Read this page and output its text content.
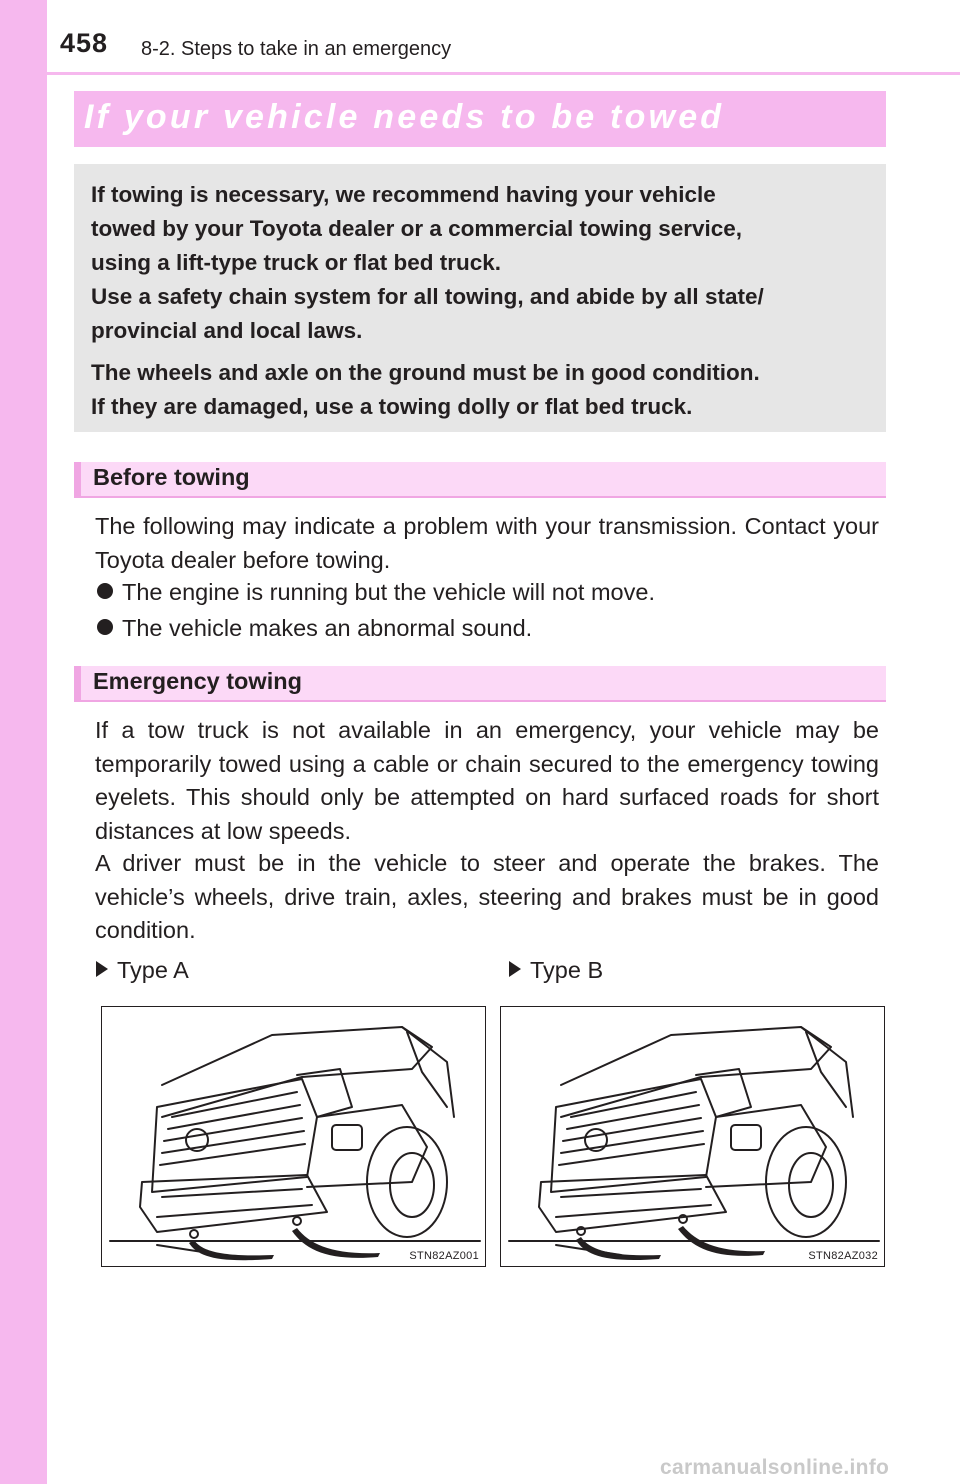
458 8-2. Steps to take in an emergency
If your vehicle needs to be towed

If towing is necessary, we recommend having your vehicle

towed by your Toyota dealer or a commercial towing service,

using a lift-type truck or flat bed truck.

Use a safety chain system for all towing, and abide by all state/

provincial and local laws.

The wheels and axle on the ground must be in good condition.

If they are damaged, use a towing dolly or flat bed truck.

Before towing

The following may indicate a problem with your transmission. Contact your Toyota dealer before towing.

The engine is running but the vehicle will not move.
The vehicle makes an abnormal sound.
Emergency towing

If a tow truck is not available in an emergency, your vehicle may be temporarily towed using a cable or chain secured to the emergency towing eyelets. This should only be attempted on hard surfaced roads for short distances at low speeds.

A driver must be in the vehicle to steer and operate the brakes. The vehicle’s wheels, drive train, axles, steering and brakes must be in good condition.

Type A	Type B
STN82AZ001	STN82AZ032
carmanualsonline.info
